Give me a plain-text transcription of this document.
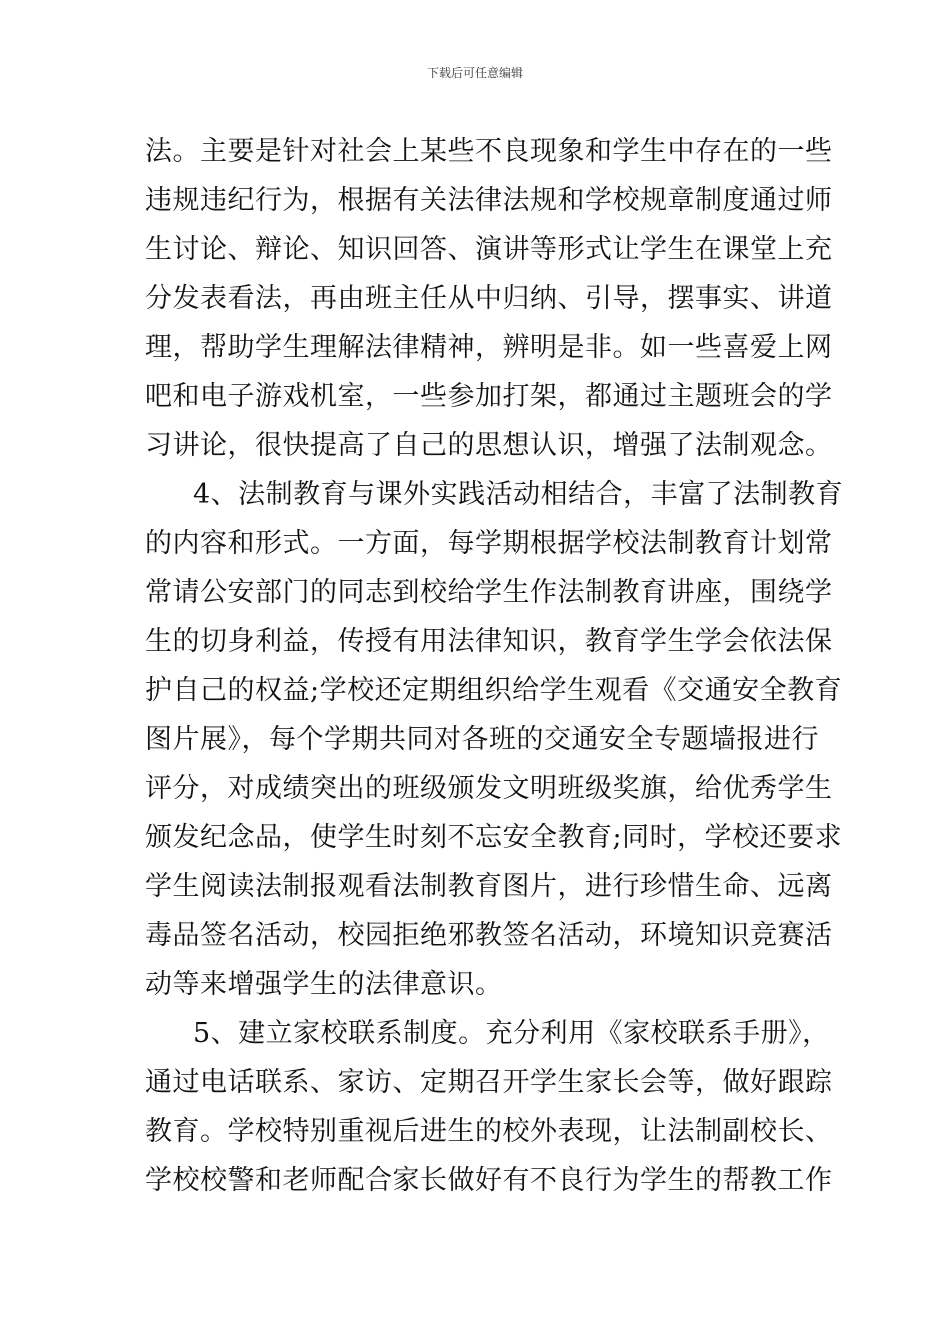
下载后可任意编辑
法。主要是针对社会上某些不良现象和学生中存在的一些
违规违纪行为，根据有关法律法规和学校规章制度通过师
生讨论、辩论、知识回答、演讲等形式让学生在课堂上充
分发表看法，再由班主任从中归纳、引导，摆事实、讲道
理，帮助学生理解法律精神，辨明是非。如一些喜爱上网
吧和电子游戏机室，一些参加打架，都通过主题班会的学
习讲论，很快提高了自己的思想认识，增强了法制观念。
4、法制教育与课外实践活动相结合，丰富了法制教育
的内容和形式。一方面，每学期根据学校法制教育计划常
常请公安部门的同志到校给学生作法制教育讲座，围绕学
生的切身利益，传授有用法律知识，教育学生学会依法保
护自己的权益;学校还定期组织给学生观看《交通安全教育
图片展》，每个学期共同对各班的交通安全专题墙报进行
评分，对成绩突出的班级颁发文明班级奖旗，给优秀学生
颁发纪念品，使学生时刻不忘安全教育;同时，学校还要求
学生阅读法制报观看法制教育图片，进行珍惜生命、远离
毒品签名活动，校园拒绝邪教签名活动，环境知识竞赛活
动等来增强学生的法律意识。
5、建立家校联系制度。充分利用《家校联系手册》，
通过电话联系、家访、定期召开学生家长会等，做好跟踪
教育。学校特别重视后进生的校外表现，让法制副校长、
学校校警和老师配合家长做好有不良行为学生的帮教工作
